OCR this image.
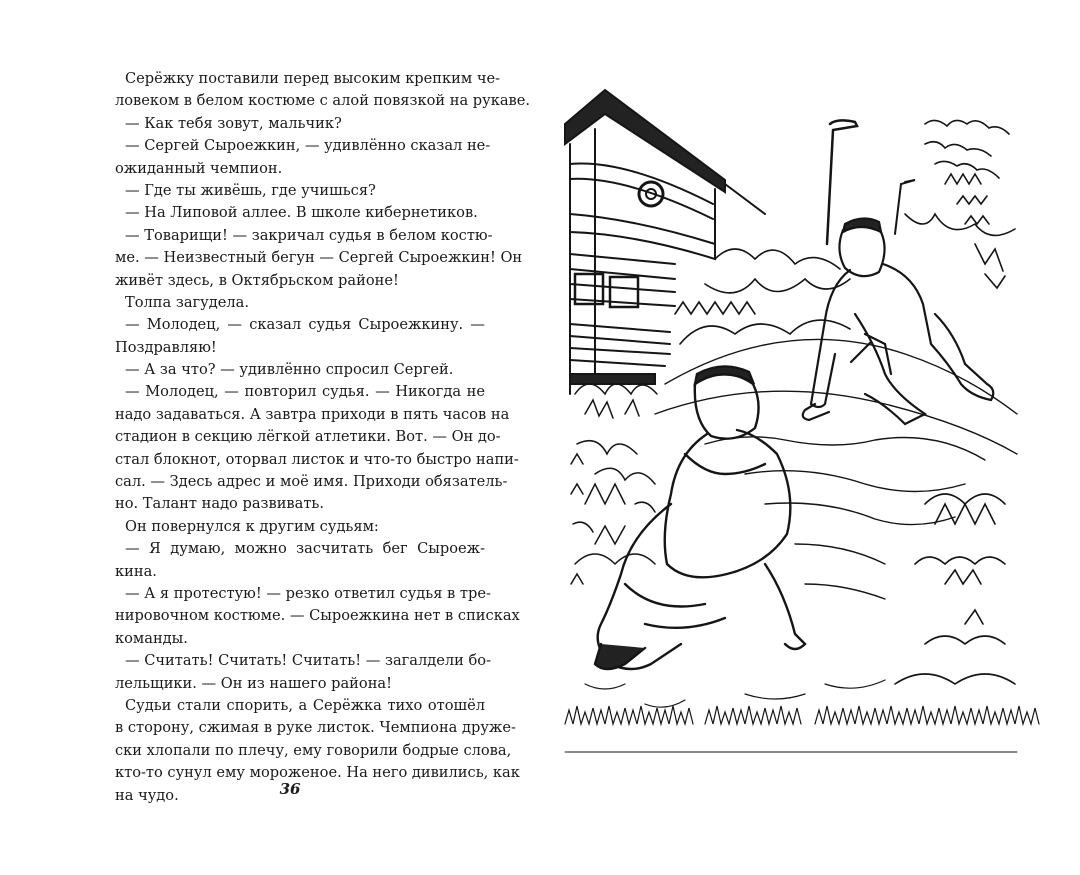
Серёжку поставили перед высоким крепким че-
ловеком в белом костюме с алой повязкой на рукаве.
— Как тебя зовут, мальчик?
— Сергей Сыроежкин, — удивлённо сказал не-
ожиданный чемпион.
— Где ты живёшь, где учишься?
— На Липовой аллее. В школе кибернетиков.
— Товарищи! — закричал судья в белом костю-
ме. — Неизвестный бегун — Сергей Сыроежкин! Он
живёт здесь, в Октябрьском районе!
Толпа загудела.
— Молодец, — сказал судья Сыроежкину. —
Поздравляю!
— А за что? — удивлённо спросил Сергей.
— Молодец, — повторил судья. — Никогда не
надо задаваться. А завтра приходи в пять часов на
стадион в секцию лёгкой атлетики. Вот. — Он до-
стал блокнот, оторвал листок и что-то быстро напи-
сал. — Здесь адрес и моё имя. Приходи обязатель-
но. Талант надо развивать.
Он повернулся к другим судьям:
— Я думаю, можно засчитать бег Сыроеж-
кина.
— А я протестую! — резко ответил судья в тре-
нировочном костюме. — Сыроежкина нет в списках
команды.
— Считать! Считать! Считать! — загалдели бо-
лельщики. — Он из нашего района!
Судьи стали спорить, а Серёжка тихо отошёл
в сторону, сжимая в руке листок. Чемпиона друже-
ски хлопали по плечу, ему говорили бодрые слова,
кто-то сунул ему мороженое. На него дивились, как
на чудо.	36
